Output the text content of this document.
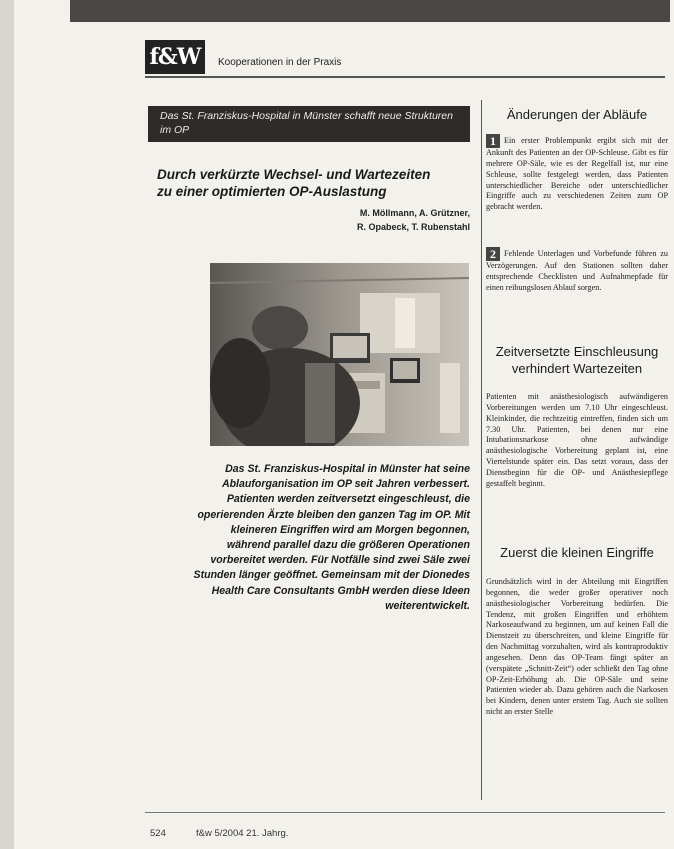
f&W	Kooperationen in der Praxis
Das St. Franziskus-Hospital in Münster schafft neue Strukturen im OP
Durch verkürzte Wechsel- und Wartezeiten
zu einer optimierten OP-Auslastung
M. Möllmann, A. Grützner,
R. Opabeck, T. Rubenstahl
Das St. Franziskus-Hospital in Münster hat seine Ablauforganisation im OP seit Jahren verbessert. Patienten werden zeitversetzt eingeschleust, die operierenden Ärzte bleiben den ganzen Tag im OP. Mit kleineren Eingriffen wird am Morgen begonnen, während parallel dazu die größeren Operationen vorbereitet werden. Für Notfälle sind zwei Säle zwei Stunden länger geöffnet. Gemeinsam mit der Dionedes Health Care Consultants GmbH werden diese Ideen weiterentwickelt.
Änderungen der Abläufe
1 Ein erster Problempunkt ergibt sich mit der Ankunft des Patienten an der OP-Schleuse. Gibt es für mehrere OP-Säle, wie es der Regelfall ist, nur eine Schleuse, sollte festgelegt werden, dass Patienten unterschiedlicher Bereiche oder unterschiedlicher Eingriffe auch zu verschiedenen Zeiten zum OP gebracht werden.
2 Fehlende Unterlagen und Vorbefunde führen zu Verzögerungen. Auf den Stationen sollten daher entsprechende Checklisten und Aufnahmepfade für einen reibungslosen Ablauf sorgen.
Zeitversetzte Einschleusung
verhindert Wartezeiten
Patienten mit anästhesiologisch aufwändigeren Vorbereitungen werden um 7.10 Uhr eingeschleust. Kleinkinder, die rechtzeitig eintreffen, finden sich um 7.30 Uhr. Patienten, bei denen nur eine Intubationsnarkose ohne aufwändige anästhesiologische Vorbereitung geplant ist, eine Viertelstunde später ein. Das setzt voraus, dass der Dienstbeginn für die OP- und Anästhesiepflege gestaffelt beginnt.
Zuerst die kleinen Eingriffe
Grundsätzlich wird in der Abteilung mit Eingriffen begonnen, die weder großer operativer noch anästhesiologischer Vorbereitung bedürfen. Die Tendenz, mit großen Eingriffen und erhöhtem Narkoseaufwand zu beginnen, um auf keinen Fall die Dienstzeit zu überschreiten, und kleine Eingriffe für den Nachmittag vorzuhalten, wird als kontraproduktiv angesehen. Denn das OP-Team fängt später an (verspätete „Schnitt-Zeit“) oder schließt den Tag ohne OP-Zeit-Erhöhung ab. Die OP-Säle und seine Patienten wieder ab. Dazu gehören auch die Narkosen bei Kindern, denen unter erstem Tag. Auch sie sollten nicht an erster Stelle
524	f&w 5/2004 21. Jahrg.
